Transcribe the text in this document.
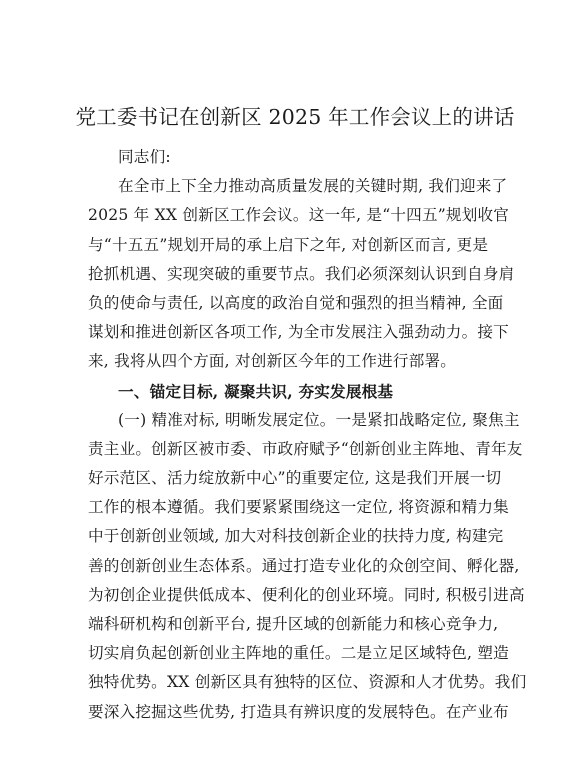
党工委书记在创新区 2025 年工作会议上的讲话
同志们:
在全市上下全力推动高质量发展的关键时期, 我们迎来了
2025 年 XX 创新区工作会议。这一年, 是“十四五”规划收官
与“十五五”规划开局的承上启下之年, 对创新区而言, 更是
抢抓机遇、实现突破的重要节点。我们必须深刻认识到自身肩
负的使命与责任, 以高度的政治自觉和强烈的担当精神, 全面
谋划和推进创新区各项工作, 为全市发展注入强劲动力。接下
来, 我将从四个方面, 对创新区今年的工作进行部署。
一、锚定目标, 凝聚共识, 夯实发展根基
(一) 精准对标, 明晰发展定位。一是紧扣战略定位, 聚焦主
责主业。创新区被市委、市政府赋予“创新创业主阵地、青年友
好示范区、活力绽放新中心”的重要定位, 这是我们开展一切
工作的根本遵循。我们要紧紧围绕这一定位, 将资源和精力集
中于创新创业领域, 加大对科技创新企业的扶持力度, 构建完
善的创新创业生态体系。通过打造专业化的众创空间、孵化器,
为初创企业提供低成本、便利化的创业环境。同时, 积极引进高
端科研机构和创新平台, 提升区域的创新能力和核心竞争力,
切实肩负起创新创业主阵地的重任。二是立足区域特色, 塑造
独特优势。XX 创新区具有独特的区位、资源和人才优势。我们
要深入挖掘这些优势, 打造具有辨识度的发展特色。在产业布
